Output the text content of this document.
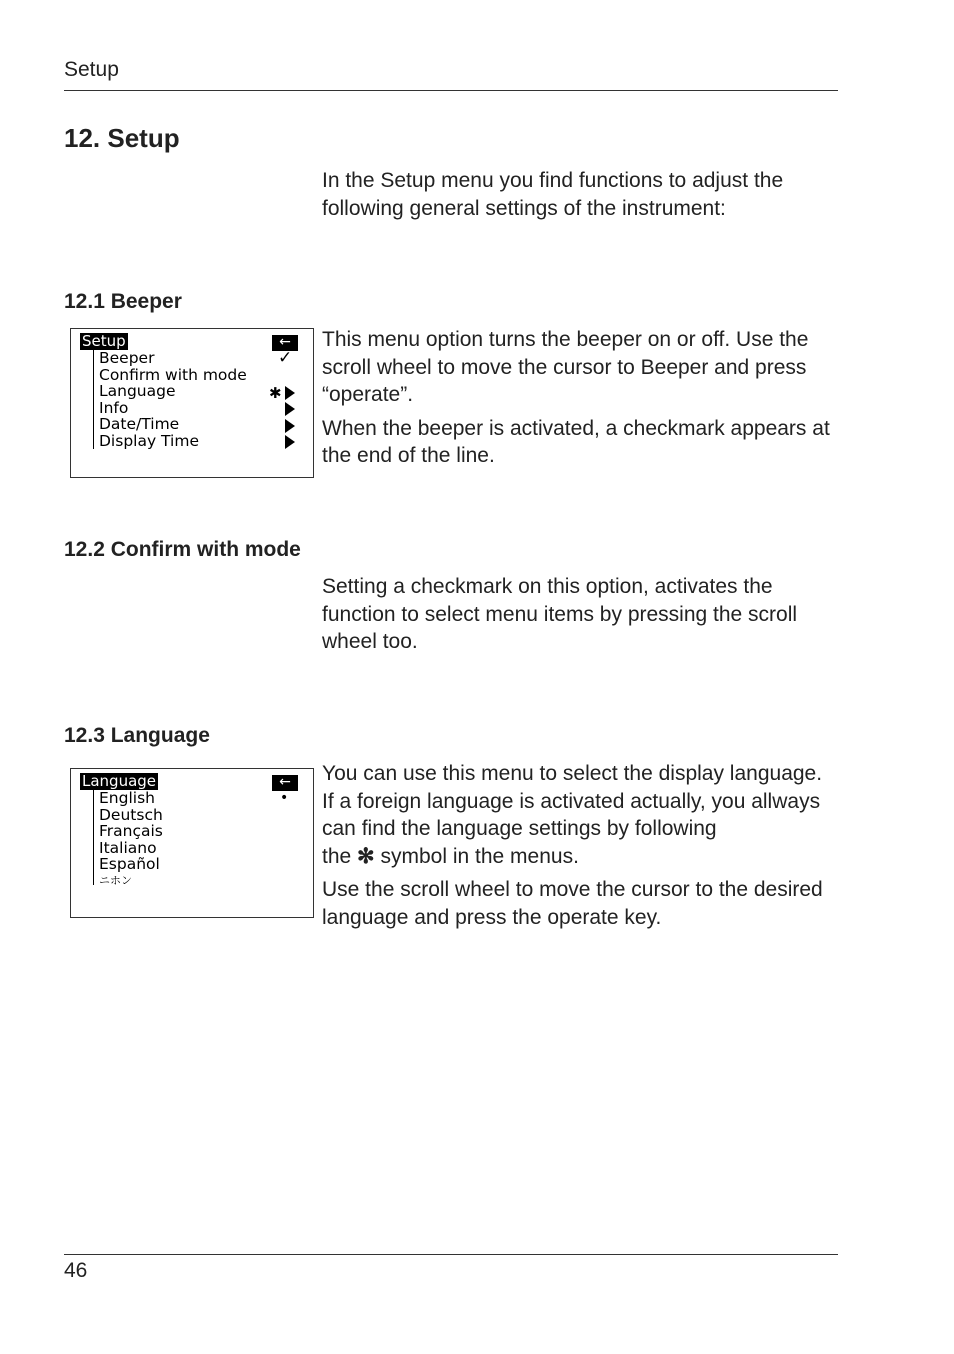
Setup
12. Setup

In the Setup menu you find functions to adjust the following general settings of the instrument:

12.1 Beeper
Setup	←
Beeper
Confirm with mode
Language
Info
Date/Time
Display Time
✓
✱

This menu option turns the beeper on or off. Use the scroll wheel to move the cursor to Beeper and press “operate”.

When the beeper is activated, a checkmark appears at the end of the line.

12.2 Confirm with mode

Setting a checkmark on this option, activates the function to select menu items by pressing the scroll wheel too.

12.3 Language
Language	←
English
Deutsch
Français
Italiano
Español
ニホン
•

You can use this menu to select the display language.
If a foreign language is activated actually, you allways can find the language settings by following
the ✻ symbol in the menus.

Use the scroll wheel to move the cursor to the desired language and press the operate key.

46
